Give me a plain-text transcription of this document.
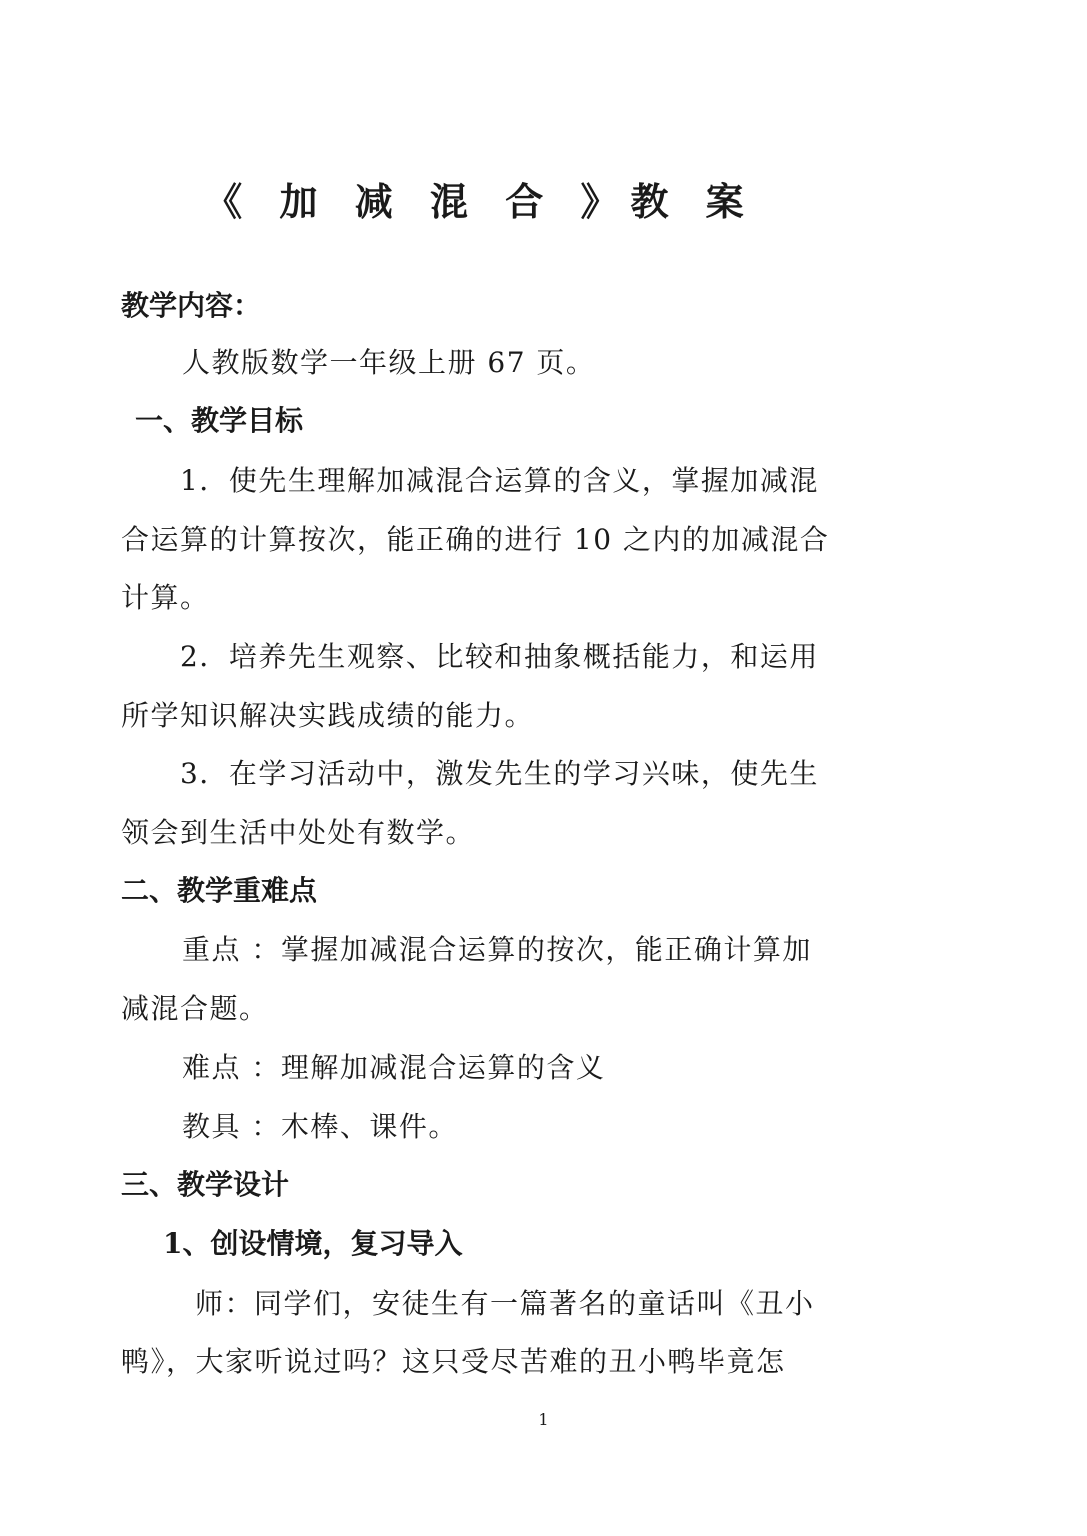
《 加 减 混 合 》教 案

教学内容：

人教版数学一年级上册 67 页。

一、教学目标

1．使先生理解加减混合运算的含义，掌握加减混

合运算的计算按次，能正确的进行 10 之内的加减混合

计算。

2．培养先生观察、比较和抽象概括能力，和运用

所学知识解决实践成绩的能力。

3．在学习活动中，激发先生的学习兴味，使先生

领会到生活中处处有数学。

二、教学重难点

重点 ：掌握加减混合运算的按次，能正确计算加

减混合题。

难点 ：理解加减混合运算的含义

教具 ：木棒、课件。

三、教学设计

1、创设情境，复习导入

师：同学们，安徒生有一篇著名的童话叫《丑小

鸭》，大家听说过吗？这只受尽苦难的丑小鸭毕竟怎

1
